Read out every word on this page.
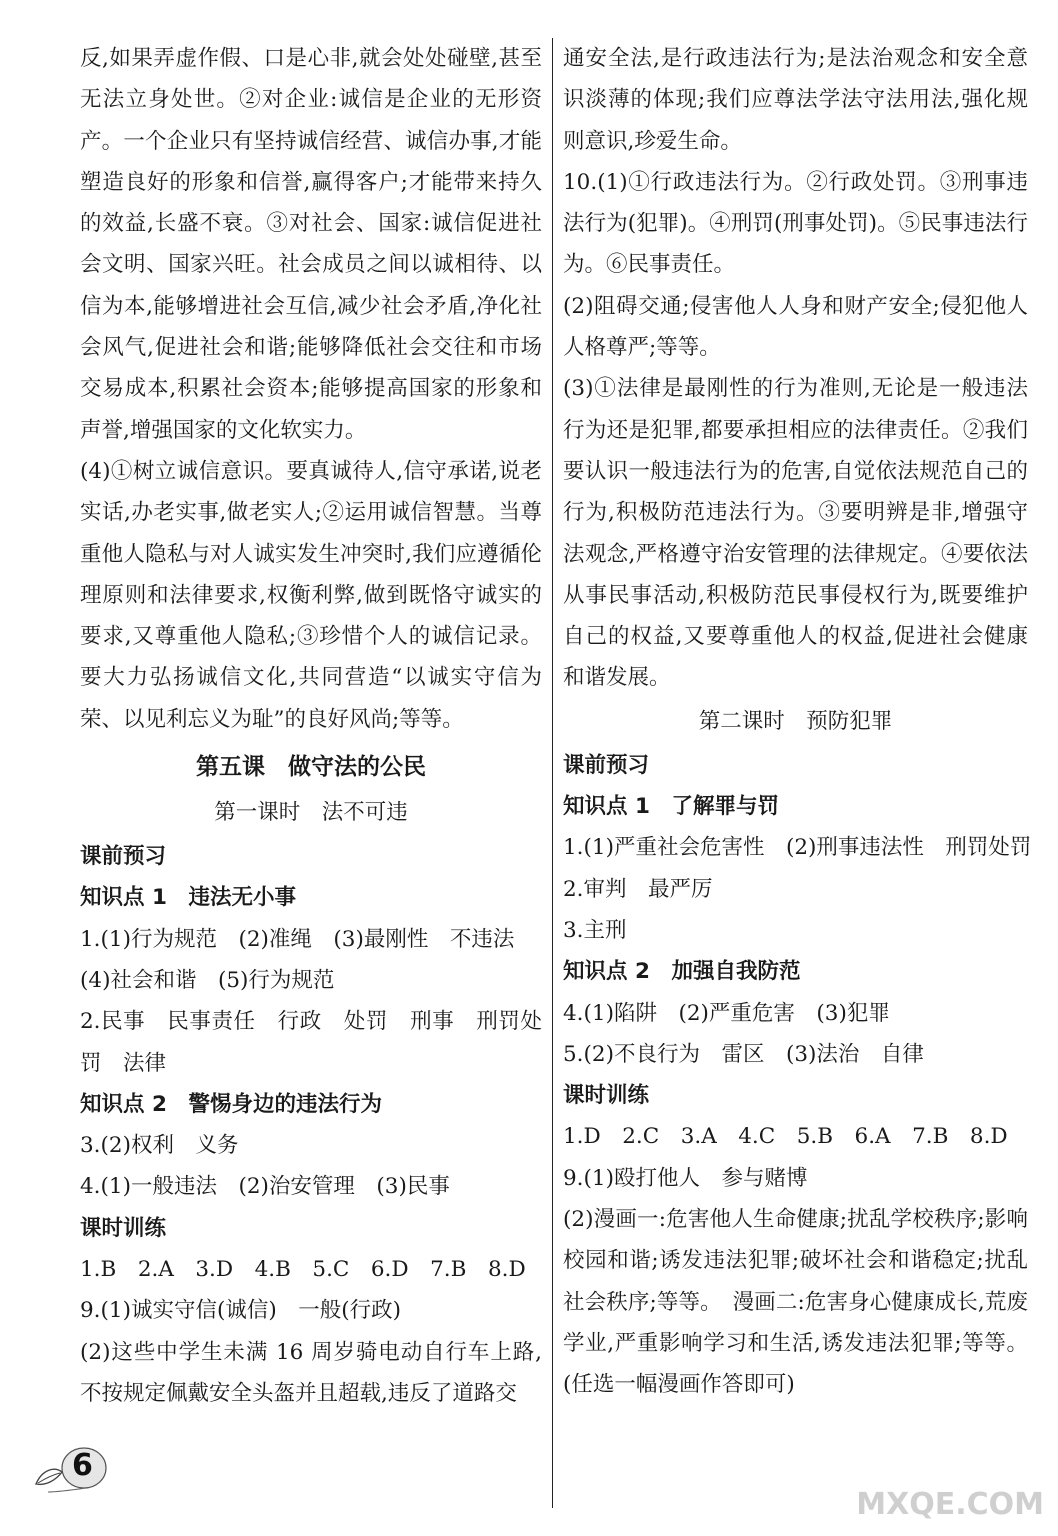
反,如果弄虚作假、口是心非,就会处处碰壁,甚至无法立身处世。②对企业:诚信是企业的无形资产。一个企业只有坚持诚信经营、诚信办事,才能塑造良好的形象和信誉,赢得客户;才能带来持久的效益,长盛不衰。③对社会、国家:诚信促进社会文明、国家兴旺。社会成员之间以诚相待、以信为本,能够增进社会互信,减少社会矛盾,净化社会风气,促进社会和谐;能够降低社会交往和市场交易成本,积累社会资本;能够提高国家的形象和声誉,增强国家的文化软实力。

(4)①树立诚信意识。要真诚待人,信守承诺,说老实话,办老实事,做老实人;②运用诚信智慧。当尊重他人隐私与对人诚实发生冲突时,我们应遵循伦理原则和法律要求,权衡利弊,做到既恪守诚实的要求,又尊重他人隐私;③珍惜个人的诚信记录。要大力弘扬诚信文化,共同营造“以诚实守信为荣、以见利忘义为耻”的良好风尚;等等。

第五课　做守法的公民

第一课时　法不可违

课前预习

知识点 1　违法无小事

1.(1)行为规范　(2)准绳　(3)最刚性　不违法

(4)社会和谐　(5)行为规范

2.民事　民事责任　行政　处罚　刑事　刑罚处罚　法律

知识点 2　警惕身边的违法行为

3.(2)权利　义务

4.(1)一般违法　(2)治安管理　(3)民事

课时训练

1.B　2.A　3.D　4.B　5.C　6.D　7.B　8.D

9.(1)诚实守信(诚信)　一般(行政)

(2)这些中学生未满 16 周岁骑电动自行车上路,不按规定佩戴安全头盔并且超载,违反了道路交

通安全法,是行政违法行为;是法治观念和安全意识淡薄的体现;我们应尊法学法守法用法,强化规则意识,珍爱生命。

10.(1)①行政违法行为。②行政处罚。③刑事违法行为(犯罪)。④刑罚(刑事处罚)。⑤民事违法行为。⑥民事责任。

(2)阻碍交通;侵害他人人身和财产安全;侵犯他人人格尊严;等等。

(3)①法律是最刚性的行为准则,无论是一般违法行为还是犯罪,都要承担相应的法律责任。②我们要认识一般违法行为的危害,自觉依法规范自己的行为,积极防范违法行为。③要明辨是非,增强守法观念,严格遵守治安管理的法律规定。④要依法从事民事活动,积极防范民事侵权行为,既要维护自己的权益,又要尊重他人的权益,促进社会健康和谐发展。

第二课时　预防犯罪

课前预习

知识点 1　了解罪与罚

1.(1)严重社会危害性　(2)刑事违法性　刑罚处罚

2.审判　最严厉

3.主刑

知识点 2　加强自我防范

4.(1)陷阱　(2)严重危害　(3)犯罪

5.(2)不良行为　雷区　(3)法治　自律

课时训练

1.D　2.C　3.A　4.C　5.B　6.A　7.B　8.D

9.(1)殴打他人　参与赌博

(2)漫画一:危害他人生命健康;扰乱学校秩序;影响校园和谐;诱发违法犯罪;破坏社会和谐稳定;扰乱社会秩序;等等。　漫画二:危害身心健康成长,荒废学业,严重影响学习和生活,诱发违法犯罪;等等。(任选一幅漫画作答即可)

6
MXQE.COM
